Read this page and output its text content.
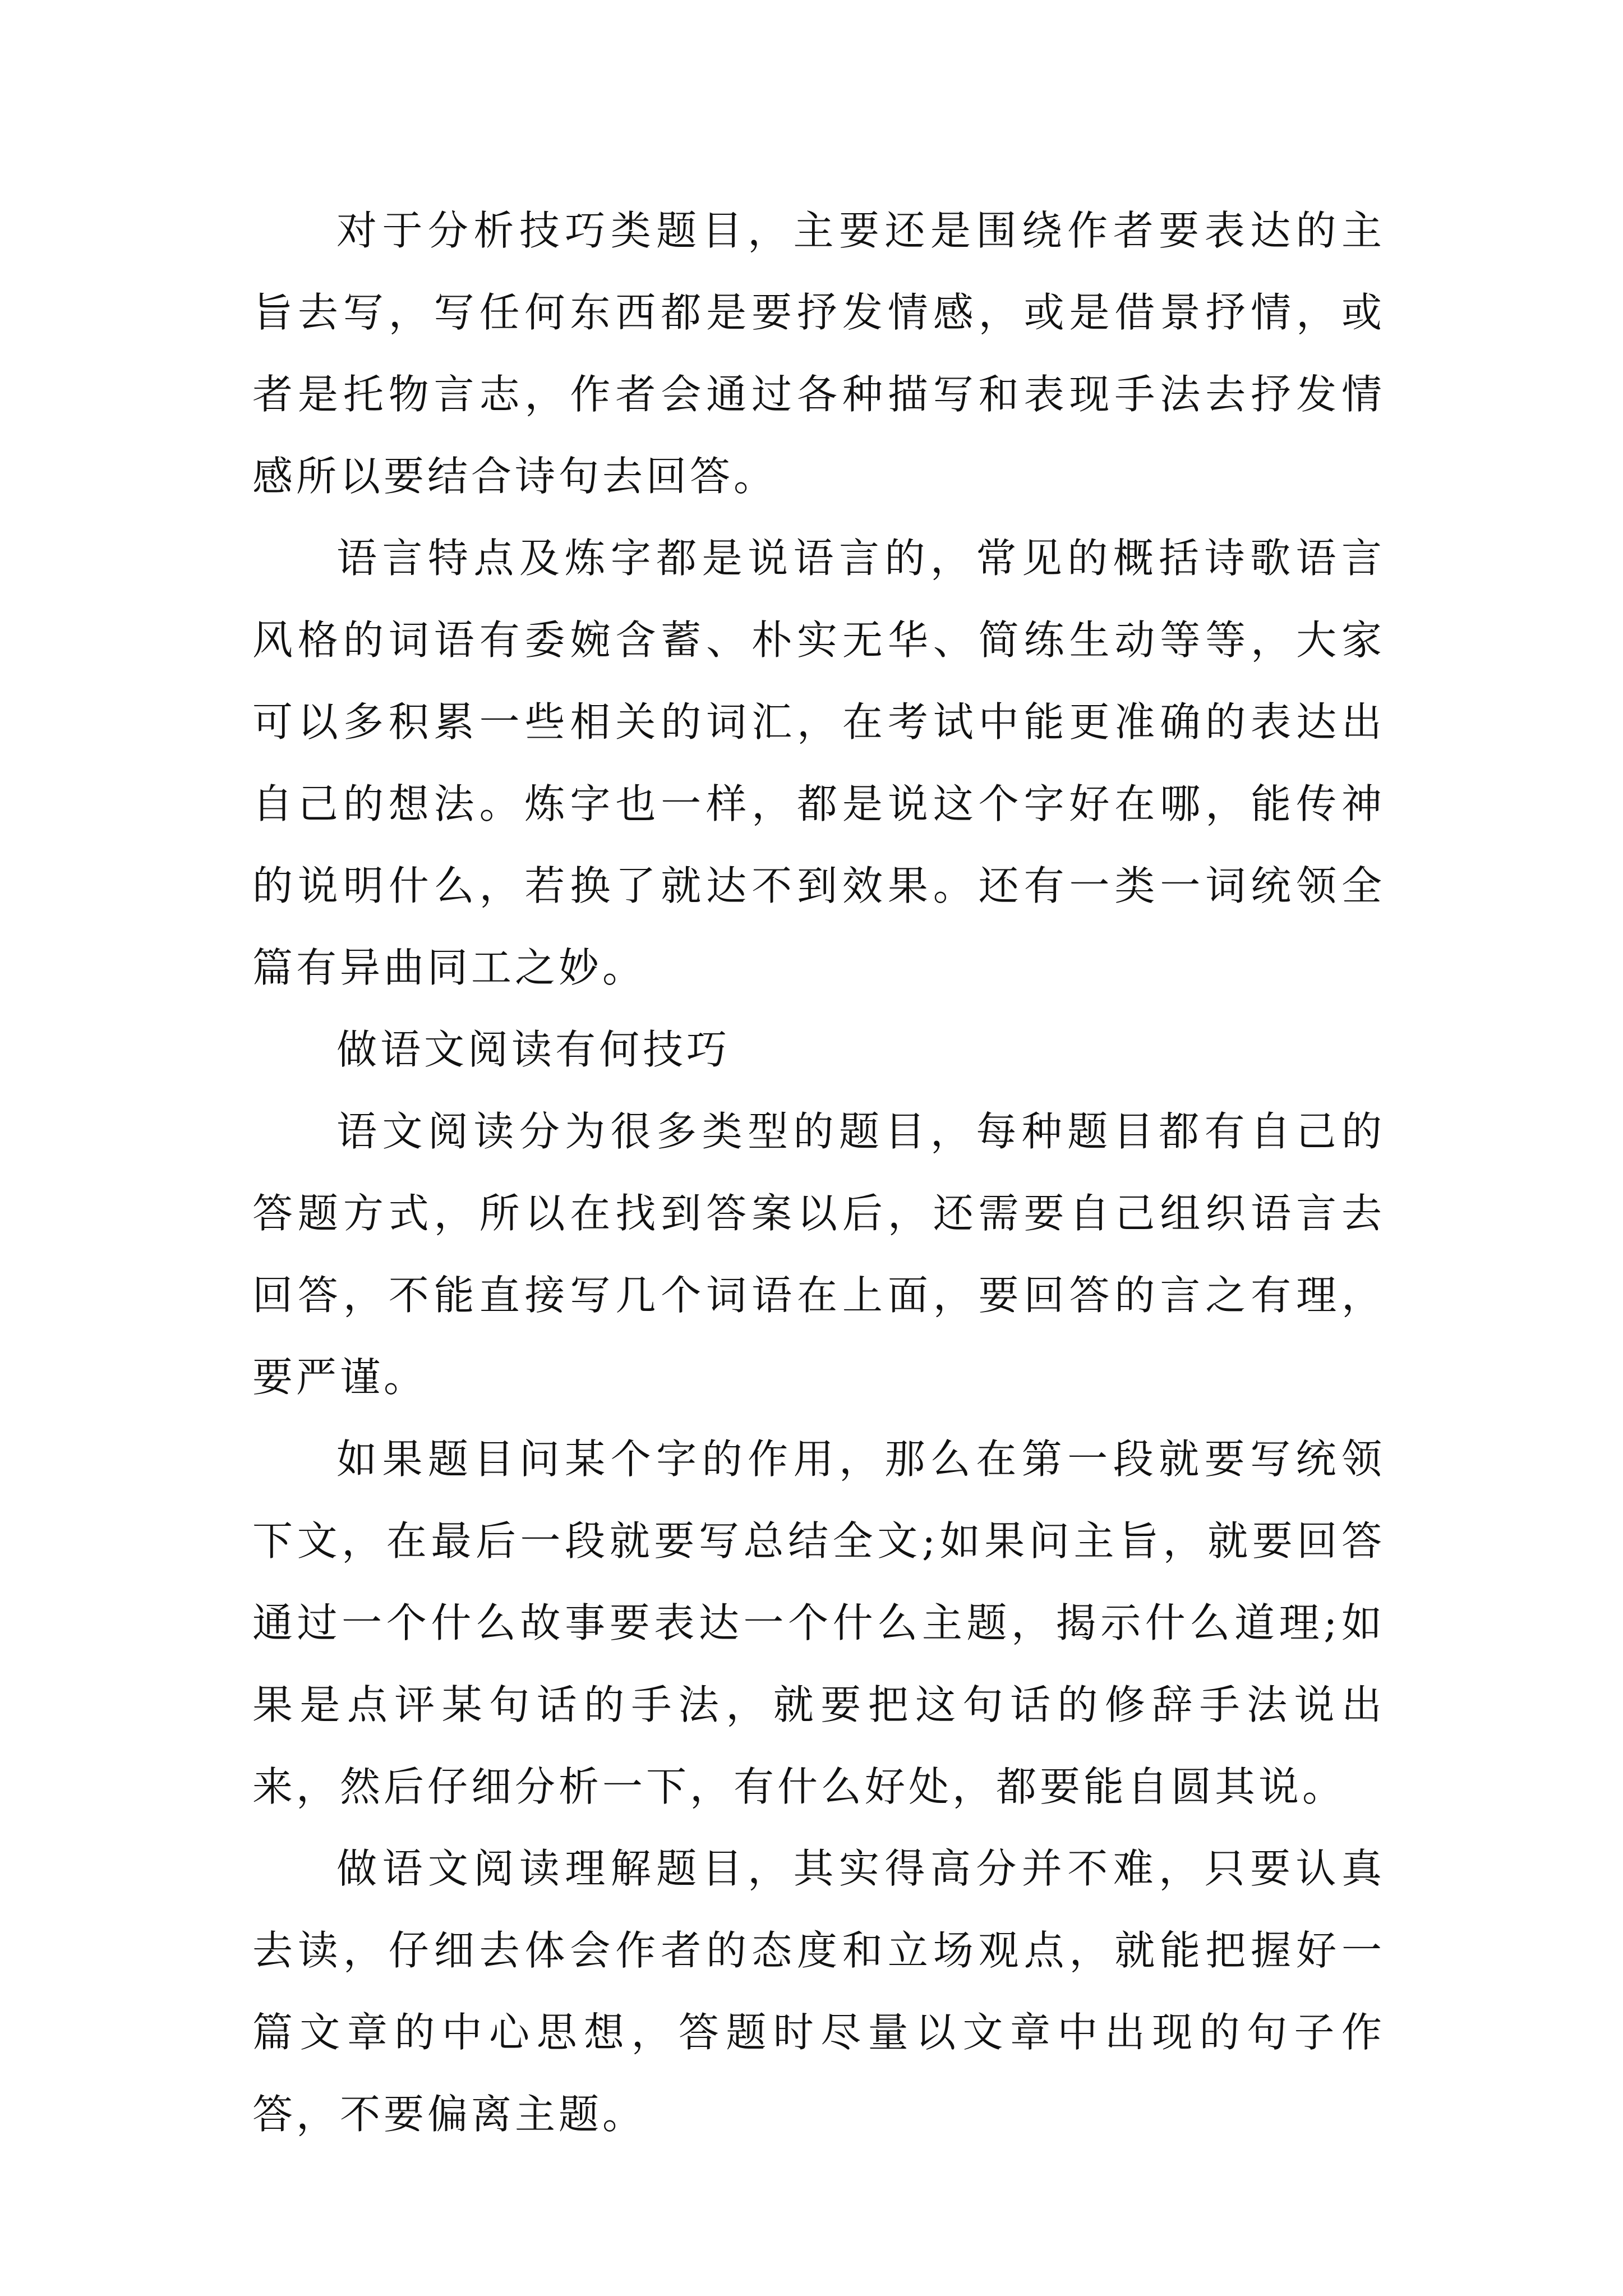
对于分析技巧类题目，主要还是围绕作者要表达的主旨去写，写任何东西都是要抒发情感，或是借景抒情，或者是托物言志，作者会通过各种描写和表现手法去抒发情感所以要结合诗句去回答。

语言特点及炼字都是说语言的，常见的概括诗歌语言风格的词语有委婉含蓄、朴实无华、简练生动等等，大家可以多积累一些相关的词汇，在考试中能更准确的表达出自己的想法。炼字也一样，都是说这个字好在哪，能传神的说明什么，若换了就达不到效果。还有一类一词统领全篇有异曲同工之妙。

做语文阅读有何技巧

语文阅读分为很多类型的题目，每种题目都有自己的答题方式，所以在找到答案以后，还需要自己组织语言去回答，不能直接写几个词语在上面，要回答的言之有理，要严谨。

如果题目问某个字的作用，那么在第一段就要写统领下文，在最后一段就要写总结全文;如果问主旨，就要回答通过一个什么故事要表达一个什么主题，揭示什么道理;如果是点评某句话的手法，就要把这句话的修辞手法说出来，然后仔细分析一下，有什么好处，都要能自圆其说。

做语文阅读理解题目，其实得高分并不难，只要认真去读，仔细去体会作者的态度和立场观点，就能把握好一篇文章的中心思想，答题时尽量以文章中出现的句子作答，不要偏离主题。
